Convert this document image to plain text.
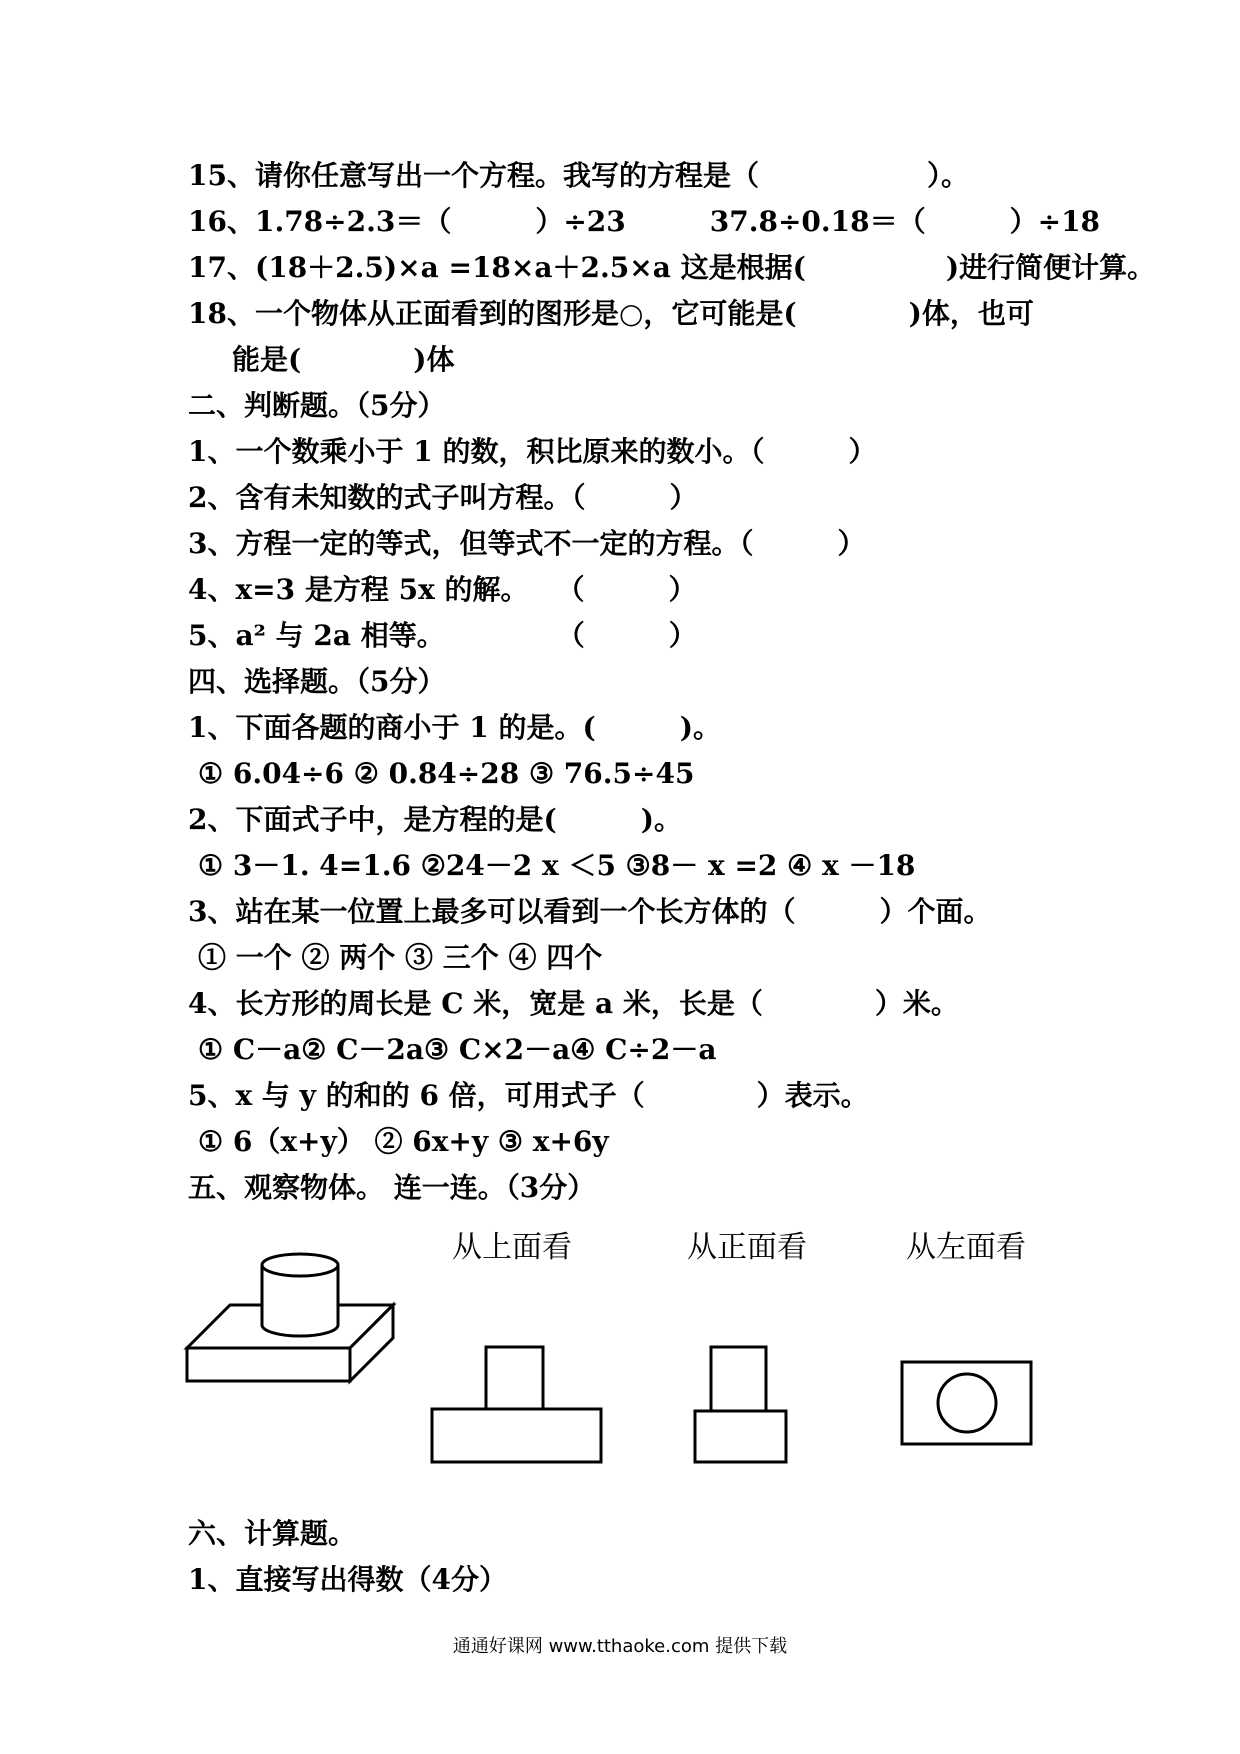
15、请你任意写出一个方程。我写的方程是（　　　　　　）。
16、1.78÷2.3＝（　　　）÷23　　　37.8÷0.18＝（　　　）÷18
17、(18＋2.5)×a =18×a＋2.5×a 这是根据(　　　　　)进行简便计算。
18、一个物体从正面看到的图形是○，它可能是(　　　　)体，也可
能是(　　　　)体
二、判断题。（5分）
1、一个数乘小于 1 的数，积比原来的数小。（　　　）
2、含有未知数的式子叫方程。（　　　）
3、方程一定的等式，但等式不一定的方程。（　　　）
4、x=3 是方程 5x 的解。　　（　　　）
5、a² 与 2a 相等。　　　　　（　　　）
四、选择题。（5分）
1、下面各题的商小于 1 的是。(　　　)。
① 6.04÷6 ② 0.84÷28 ③ 76.5÷45
2、下面式子中，是方程的是(　　　)。
① 3－1. 4=1.6 ②24－2 x ＜5 ③8－ x =2 ④ x －18
3、站在某一位置上最多可以看到一个长方体的（　　　）个面。
① 一个 ② 两个 ③ 三个 ④ 四个
4、长方形的周长是 C 米，宽是 a 米，长是（　　　　）米。
① C－a② C－2a③ C×2－a④ C÷2－a
5、x 与 y 的和的 6 倍，可用式子（　　　　）表示。
① 6（x+y） ② 6x+y ③ x+6y
五、观察物体。 连一连。（3分）
从上面看	从正面看	从左面看
六、计算题。
1、直接写出得数（4分）
通通好课网 www.tthaoke.com 提供下载
